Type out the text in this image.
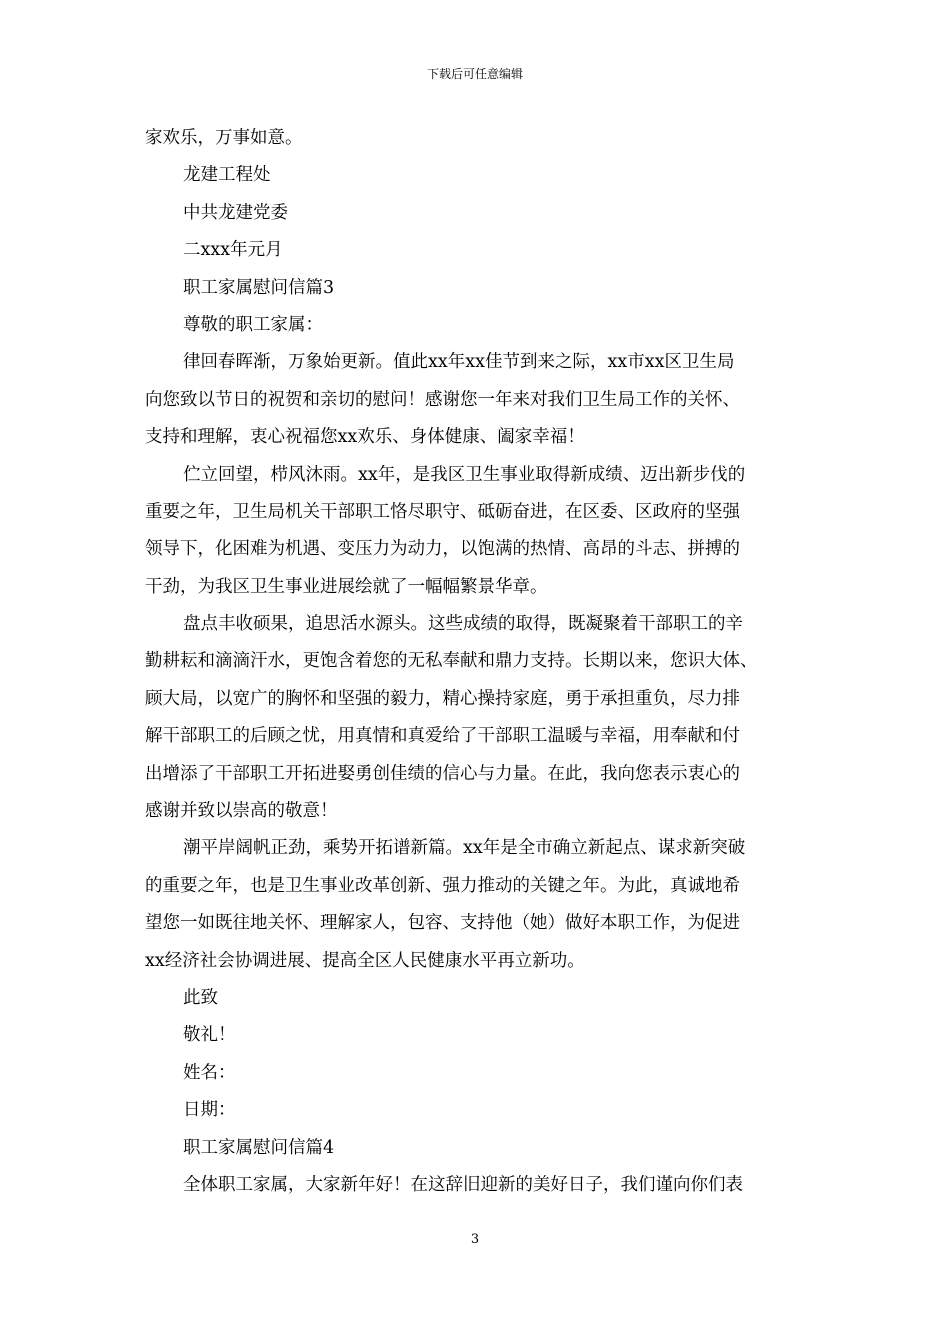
下载后可任意编辑
家欢乐，万事如意。
龙建工程处
中共龙建党委
二xxx年元月
职工家属慰问信篇3
尊敬的职工家属：
律回春晖渐，万象始更新。值此xx年xx佳节到来之际，xx市xx区卫生局
向您致以节日的祝贺和亲切的慰问！感谢您一年来对我们卫生局工作的关怀、
支持和理解，衷心祝福您xx欢乐、身体健康、阖家幸福！
伫立回望，栉风沐雨。xx年，是我区卫生事业取得新成绩、迈出新步伐的
重要之年，卫生局机关干部职工恪尽职守、砥砺奋进，在区委、区政府的坚强
领导下，化困难为机遇、变压力为动力，以饱满的热情、高昂的斗志、拼搏的
干劲，为我区卫生事业进展绘就了一幅幅繁景华章。
盘点丰收硕果，追思活水源头。这些成绩的取得，既凝聚着干部职工的辛
勤耕耘和滴滴汗水，更饱含着您的无私奉献和鼎力支持。长期以来，您识大体、
顾大局，以宽广的胸怀和坚强的毅力，精心操持家庭，勇于承担重负，尽力排
解干部职工的后顾之忧，用真情和真爱给了干部职工温暖与幸福，用奉献和付
出增添了干部职工开拓进娶勇创佳绩的信心与力量。在此，我向您表示衷心的
感谢并致以崇高的敬意！
潮平岸阔帆正劲，乘势开拓谱新篇。xx年是全市确立新起点、谋求新突破
的重要之年，也是卫生事业改革创新、强力推动的关键之年。为此，真诚地希
望您一如既往地关怀、理解家人，包容、支持他（她）做好本职工作，为促进
xx经济社会协调进展、提高全区人民健康水平再立新功。
此致
敬礼！
姓名：
日期：
职工家属慰问信篇4
全体职工家属，大家新年好！在这辞旧迎新的美好日子，我们谨向你们表
3
